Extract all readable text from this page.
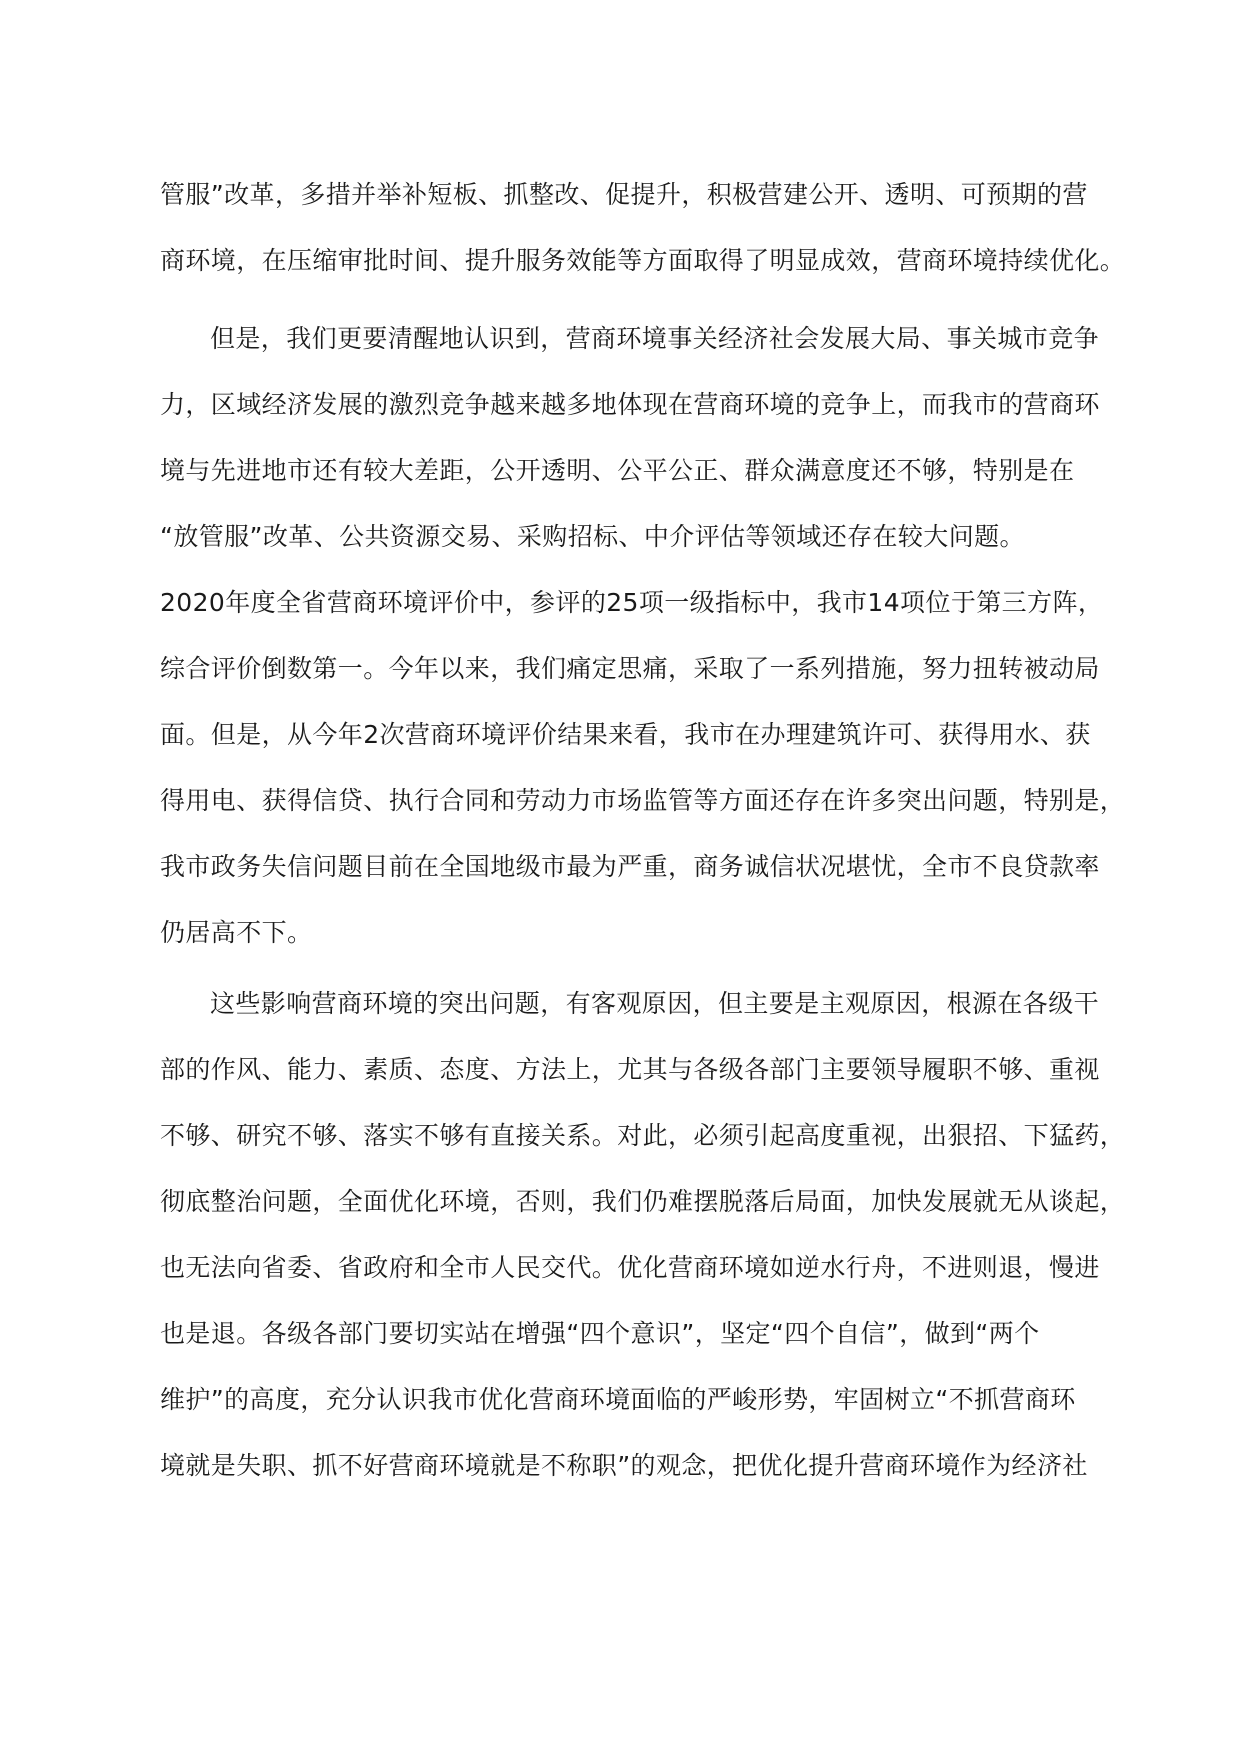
管服”改革，多措并举补短板、抓整改、促提升，积极营建公开、透明、可预期的营
商环境，在压缩审批时间、提升服务效能等方面取得了明显成效，营商环境持续优化。
但是，我们更要清醒地认识到，营商环境事关经济社会发展大局、事关城市竞争
力，区域经济发展的激烈竞争越来越多地体现在营商环境的竞争上，而我市的营商环
境与先进地市还有较大差距，公开透明、公平公正、群众满意度还不够，特别是在
“放管服”改革、公共资源交易、采购招标、中介评估等领域还存在较大问题。
2020年度全省营商环境评价中，参评的25项一级指标中，我市14项位于第三方阵，
综合评价倒数第一。今年以来，我们痛定思痛，采取了一系列措施，努力扭转被动局
面。但是，从今年2次营商环境评价结果来看，我市在办理建筑许可、获得用水、获
得用电、获得信贷、执行合同和劳动力市场监管等方面还存在许多突出问题，特别是，
我市政务失信问题目前在全国地级市最为严重，商务诚信状况堪忧，全市不良贷款率
仍居高不下。
这些影响营商环境的突出问题，有客观原因，但主要是主观原因，根源在各级干
部的作风、能力、素质、态度、方法上，尤其与各级各部门主要领导履职不够、重视
不够、研究不够、落实不够有直接关系。对此，必须引起高度重视，出狠招、下猛药，
彻底整治问题，全面优化环境，否则，我们仍难摆脱落后局面，加快发展就无从谈起，
也无法向省委、省政府和全市人民交代。优化营商环境如逆水行舟，不进则退，慢进
也是退。各级各部门要切实站在增强“四个意识”，坚定“四个自信”，做到“两个
维护”的高度，充分认识我市优化营商环境面临的严峻形势，牢固树立“不抓营商环
境就是失职、抓不好营商环境就是不称职”的观念，把优化提升营商环境作为经济社
